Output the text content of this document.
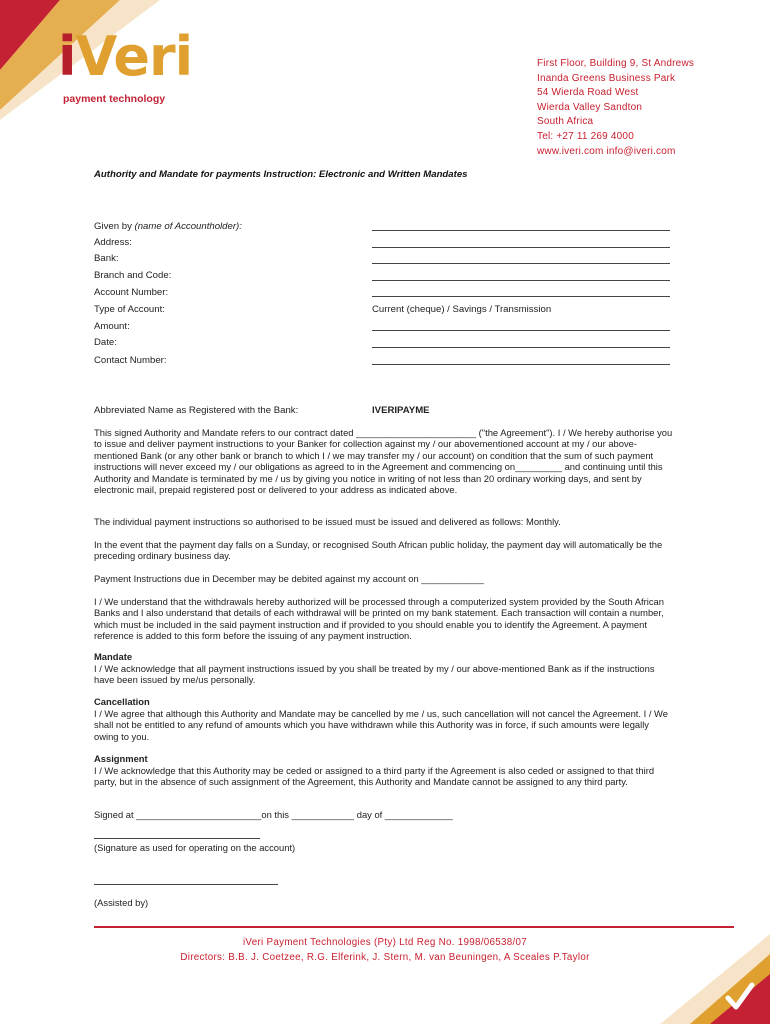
iVeri
payment technology
First Floor, Building 9, St Andrews
Inanda Greens Business Park
54 Wierda Road West
Wierda Valley Sandton
South Africa
Tel: +27 11 269 4000
www.iveri.com info@iveri.com
Authority and Mandate for payments Instruction: Electronic and Written Mandates
Given by (name of Accountholder):
Address:
Bank:
Branch and Code:
Account Number:
Type of Account:	Current (cheque) / Savings / Transmission
Amount:
Date:
Contact Number:
Abbreviated Name as Registered with the Bank:	IVERIPAYME
This signed Authority and Mandate refers to our contract dated _______________________ ("the Agreement"). I / We hereby authorise you to issue and deliver payment instructions to your Banker for collection against my / our abovementioned account at my / our above-mentioned Bank (or any other bank or branch to which I / we may transfer my / our account) on condition that the sum of such payment instructions will never exceed my / our obligations as agreed to in the Agreement and commencing on_________ and continuing until this Authority and Mandate is terminated by me / us by giving you notice in writing of not less than 20 ordinary working days, and sent by electronic mail, prepaid registered post or delivered to your address as indicated above.
The individual payment instructions so authorised to be issued must be issued and delivered as follows: Monthly.
In the event that the payment day falls on a Sunday, or recognised South African public holiday, the payment day will automatically be the preceding ordinary business day.
Payment Instructions due in December may be debited against my account on ____________
I / We understand that the withdrawals hereby authorized will be processed through a computerized system provided by the South African Banks and I also understand that details of each withdrawal will be printed on my bank statement. Each transaction will contain a number, which must be included in the said payment instruction and if provided to you should enable you to identify the Agreement. A payment reference is added to this form before the issuing of any payment instruction.
Mandate
I / We acknowledge that all payment instructions issued by you shall be treated by my / our above-mentioned Bank as if the instructions have been issued by me/us personally.
Cancellation
I / We agree that although this Authority and Mandate may be cancelled by me / us, such cancellation will not cancel the Agreement. I / We shall not be entitled to any refund of amounts which you have withdrawn while this Authority was in force, if such amounts were legally owing to you.
Assignment
I / We acknowledge that this Authority may be ceded or assigned to a third party if the Agreement is also ceded or assigned to that third party, but in the absence of such assignment of the Agreement, this Authority and Mandate cannot be assigned to any third party.
Signed at ________________________on this ____________ day of _____________
(Signature as used for operating on the account)
(Assisted by)
iVeri Payment Technologies (Pty) Ltd Reg No. 1998/06538/07
Directors: B.B. J. Coetzee, R.G. Elferink, J. Stern, M. van Beuningen, A Sceales P.Taylor
